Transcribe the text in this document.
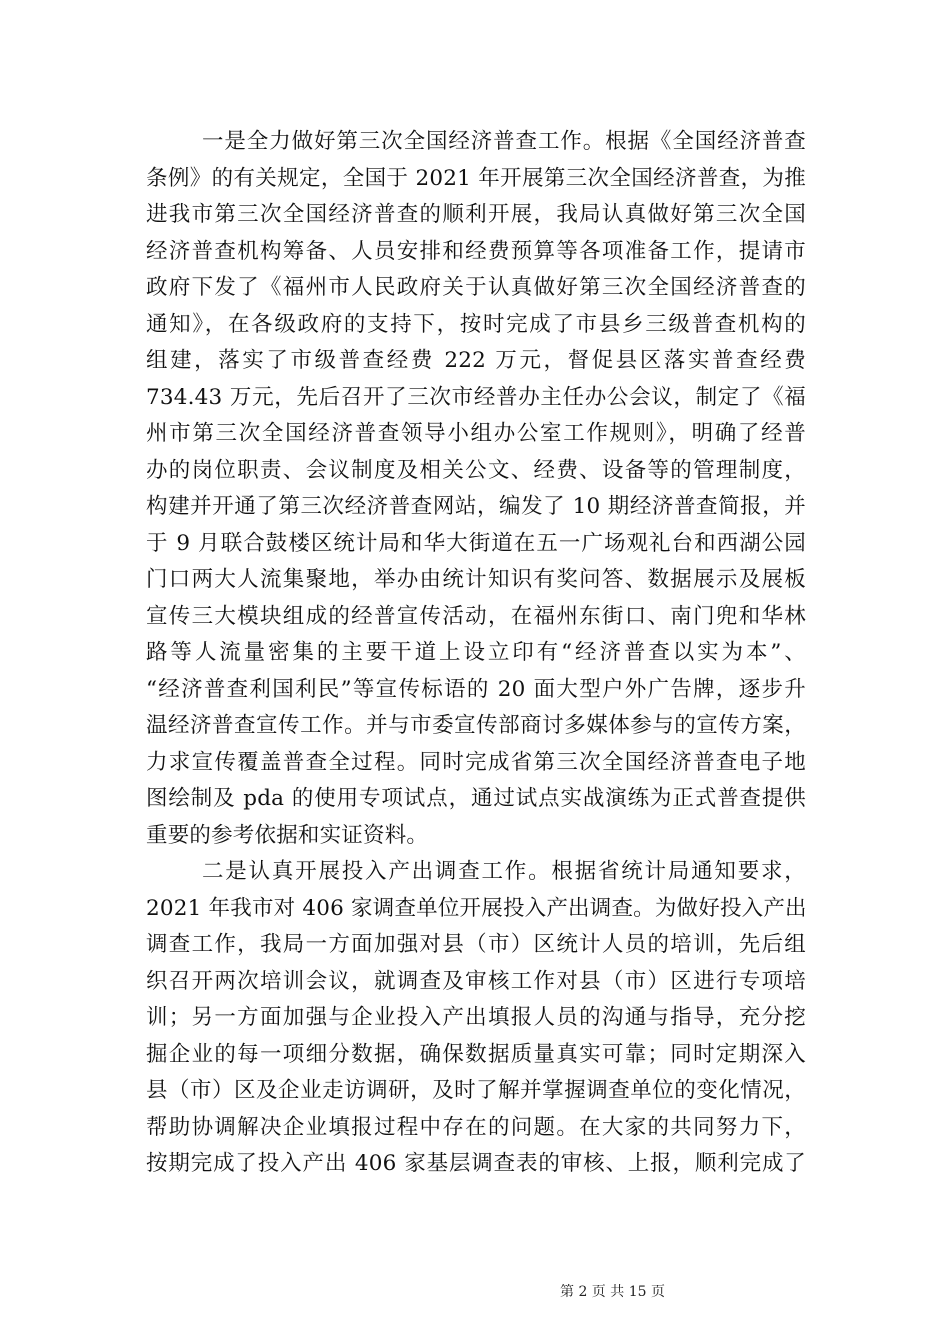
一是全力做好第三次全国经济普查工作。根据《全国经济普查
条例》的有关规定，全国于 2021 年开展第三次全国经济普查，为推
进我市第三次全国经济普查的顺利开展，我局认真做好第三次全国
经济普查机构筹备、人员安排和经费预算等各项准备工作，提请市
政府下发了《福州市人民政府关于认真做好第三次全国经济普查的
通知》，在各级政府的支持下，按时完成了市县乡三级普查机构的
组建，落实了市级普查经费 222 万元，督促县区落实普查经费
734.43 万元，先后召开了三次市经普办主任办公会议，制定了《福
州市第三次全国经济普查领导小组办公室工作规则》，明确了经普
办的岗位职责、会议制度及相关公文、经费、设备等的管理制度，
构建并开通了第三次经济普查网站，编发了 10 期经济普查简报，并
于 9 月联合鼓楼区统计局和华大街道在五一广场观礼台和西湖公园
门口两大人流集聚地，举办由统计知识有奖问答、数据展示及展板
宣传三大模块组成的经普宣传活动，在福州东街口、南门兜和华林
路等人流量密集的主要干道上设立印有“经济普查以实为本”、
“经济普查利国利民”等宣传标语的 20 面大型户外广告牌，逐步升
温经济普查宣传工作。并与市委宣传部商讨多媒体参与的宣传方案，
力求宣传覆盖普查全过程。同时完成省第三次全国经济普查电子地
图绘制及 pda 的使用专项试点，通过试点实战演练为正式普查提供
重要的参考依据和实证资料。
二是认真开展投入产出调查工作。根据省统计局通知要求，
2021 年我市对 406 家调查单位开展投入产出调查。为做好投入产出
调查工作，我局一方面加强对县（市）区统计人员的培训，先后组
织召开两次培训会议，就调查及审核工作对县（市）区进行专项培
训；另一方面加强与企业投入产出填报人员的沟通与指导，充分挖
掘企业的每一项细分数据，确保数据质量真实可靠；同时定期深入
县（市）区及企业走访调研，及时了解并掌握调查单位的变化情况，
帮助协调解决企业填报过程中存在的问题。在大家的共同努力下，
按期完成了投入产出 406 家基层调查表的审核、上报，顺利完成了
第 2 页 共 15 页
